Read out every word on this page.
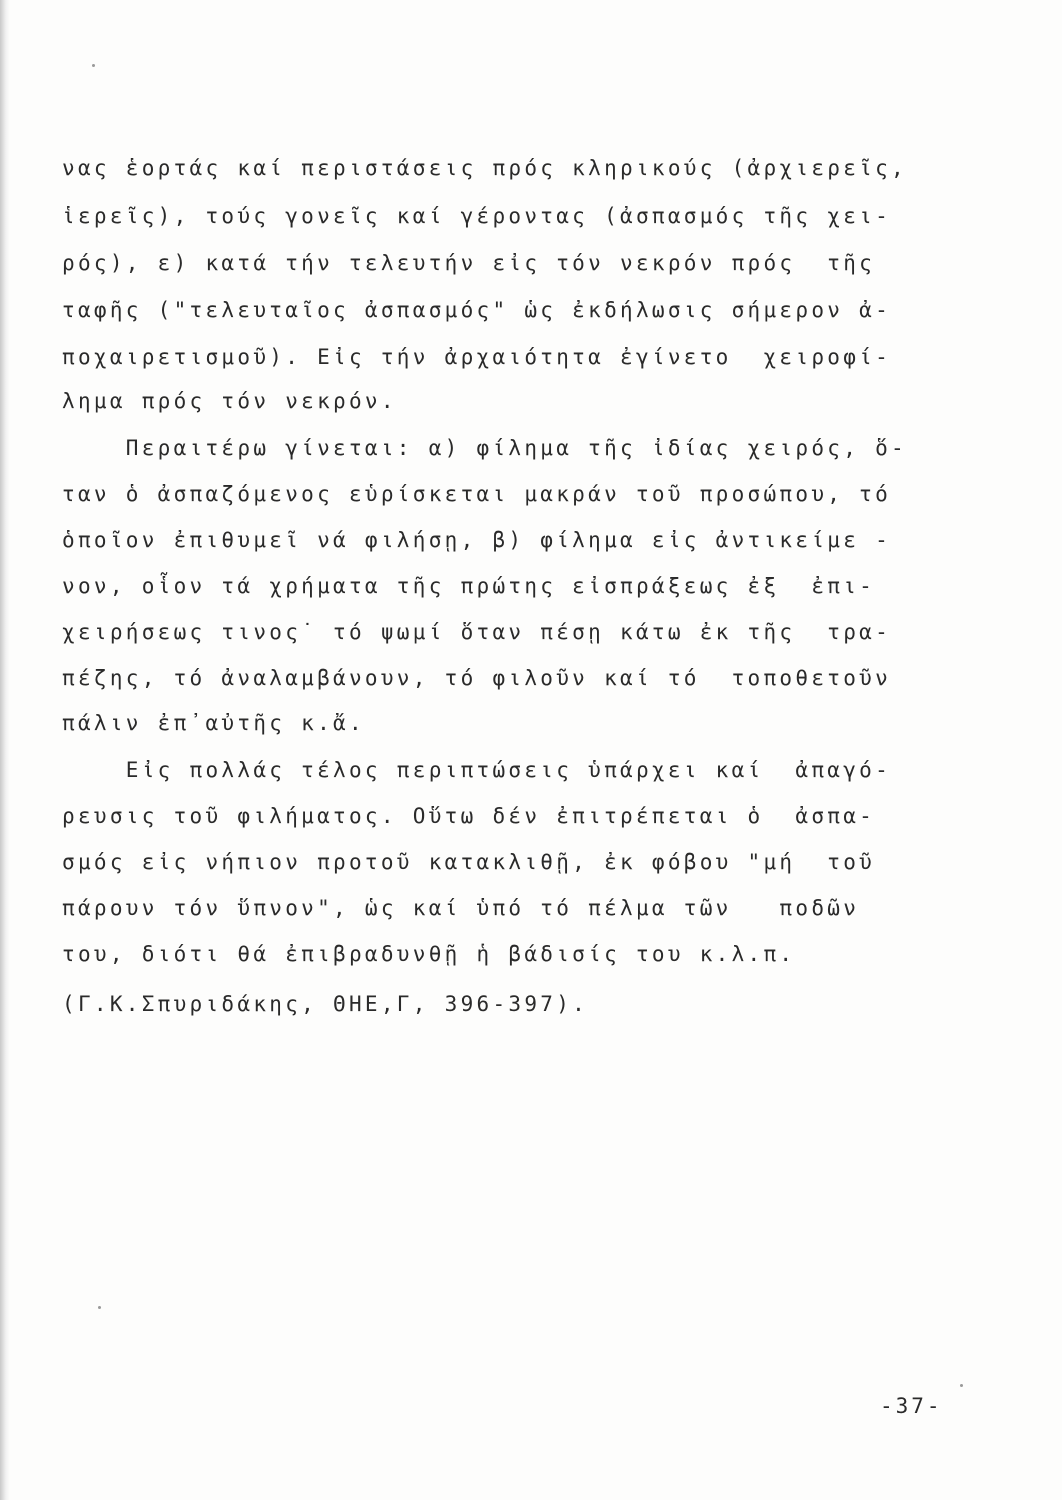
νας ἑορτάς καί περιστάσεις πρός κληρικούς (ἀρχιερεῖς,
ἱερεῖς), τούς γονεῖς καί γέροντας (ἀσπασμός τῆς χει-
ρός), ε) κατά τήν τελευτήν εἰς τόν νεκρόν πρός  τῆς
ταφῆς ("τελευταῖος ἀσπασμός" ὡς ἐκδήλωσις σήμερον ἀ-
ποχαιρετισμοῦ). Εἰς τήν ἀρχαιότητα ἐγίνετο  χειροφί-
λημα πρός τόν νεκρόν.
Περαιτέρω γίνεται: α) φίλημα τῆς ἰδίας χειρός, ὅ-
ταν ὁ ἀσπαζόμενος εὑρίσκεται μακράν τοῦ προσώπου, τό
ὁποῖον ἐπιθυμεῖ νά φιλήσῃ, β) φίλημα εἰς ἀντικείμε -
νον, οἷον τά χρήματα τῆς πρώτης εἰσπράξεως ἐξ  ἐπι-
χειρήσεως τινος˙ τό ψωμί ὅταν πέσῃ κάτω ἐκ τῆς  τρα-
πέζης, τό ἀναλαμβάνουν, τό φιλοῦν καί τό  τοποθετοῦν
πάλιν ἐπ᾽αὐτῆς κ.ἄ.
Εἰς πολλάς τέλος περιπτώσεις ὑπάρχει καί  ἀπαγό-
ρευσις τοῦ φιλήματος. Οὕτω δέν ἐπιτρέπεται ὁ  ἀσπα-
σμός εἰς νήπιον προτοῦ κατακλιθῇ, ἐκ φόβου "μή  τοῦ
πάρουν τόν ὕπνον", ὡς καί ὑπό τό πέλμα τῶν   ποδῶν
του, διότι θά ἐπιβραδυνθῇ ἡ βάδισίς του κ.λ.π.
(Γ.Κ.Σπυριδάκης, ΘΗΕ,Γ, 396-397).
-37-
